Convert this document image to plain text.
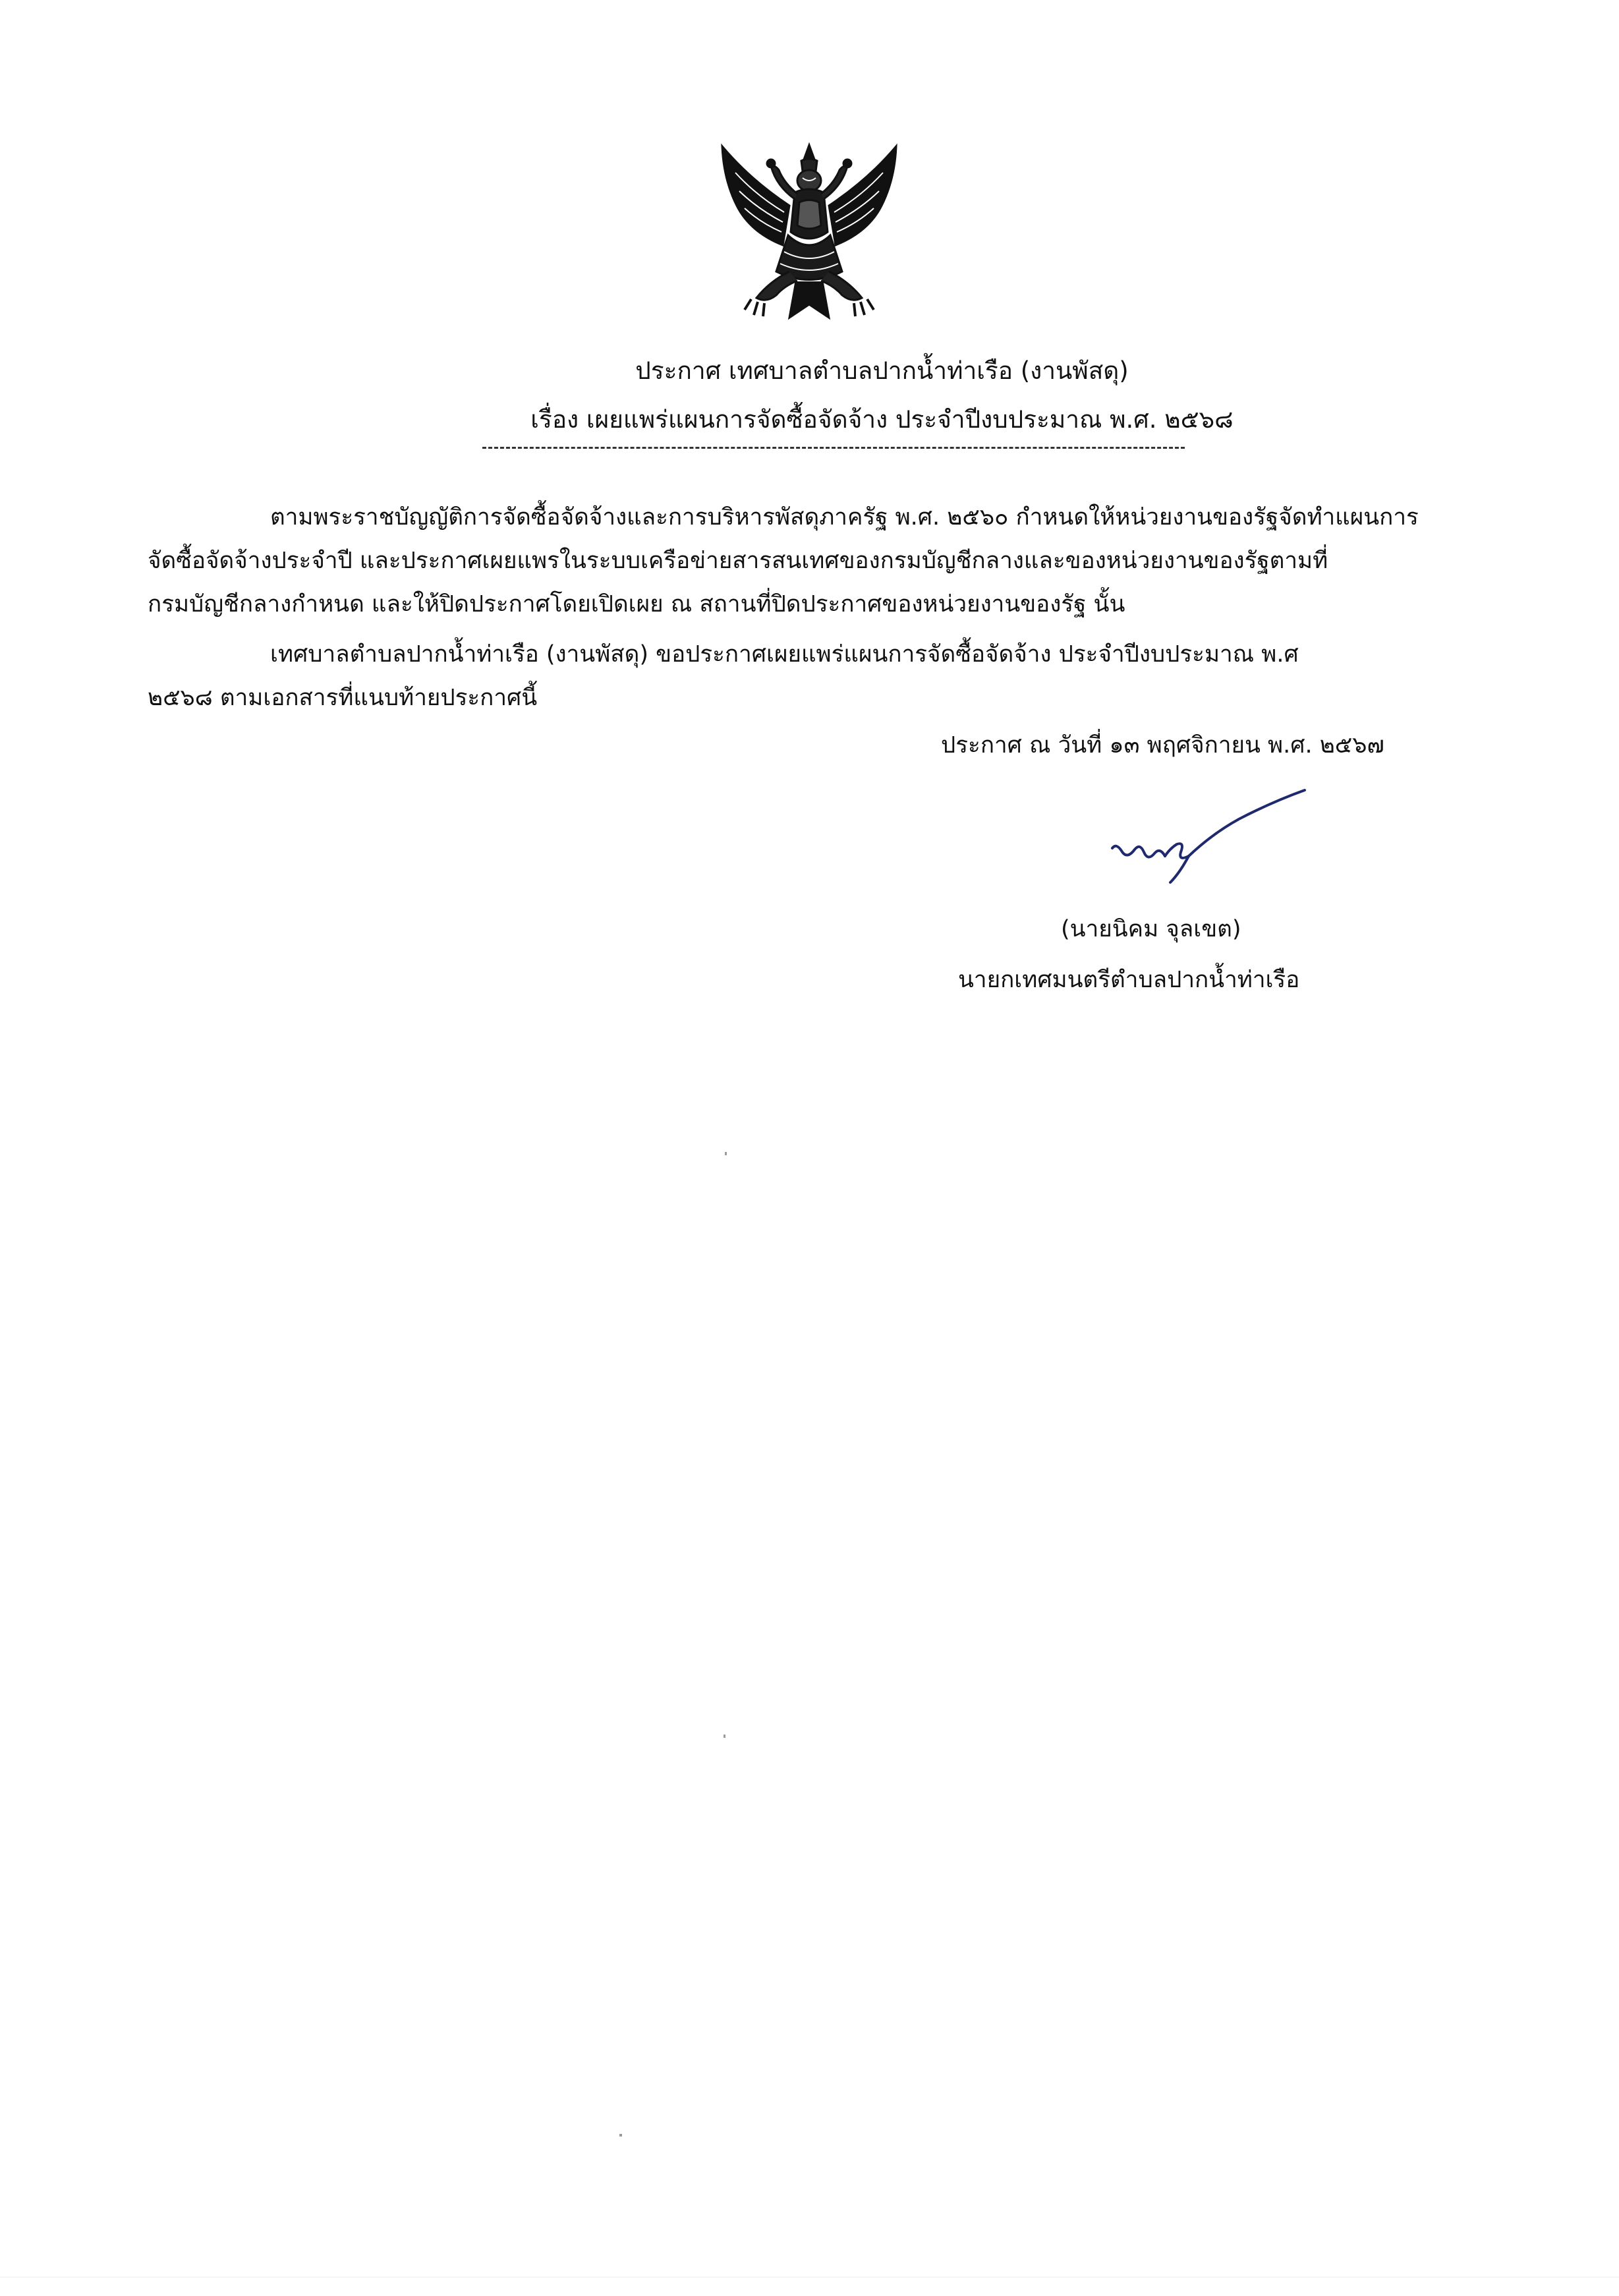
ประกาศ เทศบาลตำบลปากน้ำท่าเรือ (งานพัสดุ)
เรื่อง เผยแพร่แผนการจัดซื้อจัดจ้าง ประจำปีงบประมาณ พ.ศ. ๒๕๖๘
ตามพระราชบัญญัติการจัดซื้อจัดจ้างและการบริหารพัสดุภาครัฐ พ.ศ. ๒๕๖๐ กำหนดให้หน่วยงานของรัฐจัดทำแผนการ
จัดซื้อจัดจ้างประจำปี และประกาศเผยแพรในระบบเครือข่ายสารสนเทศของกรมบัญชีกลางและของหน่วยงานของรัฐตามที่
กรมบัญชีกลางกำหนด และให้ปิดประกาศโดยเปิดเผย ณ สถานที่ปิดประกาศของหน่วยงานของรัฐ นั้น
เทศบาลตำบลปากน้ำท่าเรือ (งานพัสดุ) ขอประกาศเผยแพร่แผนการจัดซื้อจัดจ้าง ประจำปีงบประมาณ พ.ศ
๒๕๖๘ ตามเอกสารที่แนบท้ายประกาศนี้
ประกาศ ณ วันที่ ๑๓ พฤศจิกายน พ.ศ. ๒๕๖๗
(นายนิคม จุลเขต)
นายกเทศมนตรีตำบลปากน้ำท่าเรือ
